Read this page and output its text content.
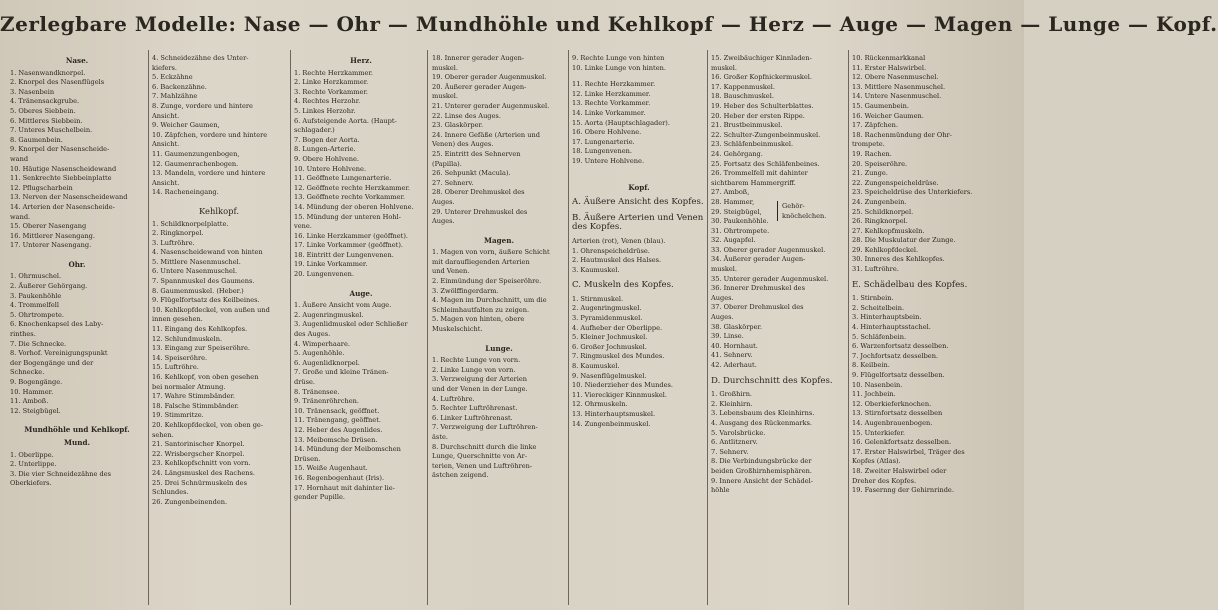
Zerlegbare Modelle: Nase — Ohr — Mundhöhle und Kehlkopf — Herz — Auge — Magen — Lunge — Kopf.
Nase.
1. Nasenwandknorpel.
2. Knorpel des Nasenflügels
3. Nasenbein
4. Tränensackgrube.
5. Oberes Siebbein.
6. Mittleres Siebbein.
7. Unteres Muschelbein.
8. Gaumenbein.
9. Knorpel der Nasenscheide-
wand
10. Häutige Nasenscheidewand
11. Senkrechte Siebbeinplatte
12. Pflugscharbein
13. Nerven der Nasenscheidewand
14. Arterien der Nasenscheide-
wand.
15. Oberer Nasengang
16. Mittlerer Nasengang.
17. Unterer Nasengang.
Ohr.
1. Ohrmuschel.
2. Äußerer Gehörgang.
3. Paukenhöhle
4. Trommelfell
5. Ohrtrompete.
6. Knochenkapsel des Laby-
rinthes.
7. Die Schnecke.
8. Vorhof. Vereinigungspunkt
der Bogengänge und der
Schnecke.
9. Bogengänge.
10. Hammer.
11. Amboß.
12. Steigbügel.
Mundhöhle und Kehlkopf.
Mund.
1. Oberlippe.
2. Unterlippe.
3. Die vier Schneidezähne des
Oberkiefers.
4. Schneidezähne des Unter-
kiefers.
5. Eckzähne
6. Backenzähne.
7. Mahlzähne
8. Zunge, vordere und hintere
Ansicht.
9. Weicher Gaumen,
10. Zäpfchen, vordere und hintere
Ansicht.
11. Gaumenzungenbogen,
12. Gaumenrachenbogen.
13. Mandeln, vordere und hintere
Ansicht.
14. Racheneingang.
Kehlkopf.
1. Schildknorpelplatte.
2. Ringknorpel.
3. Luftröhre.
4. Nasenscheidewand von hinten
5. Mittlere Nasenmuschel.
6. Untere Nasenmuschel.
7. Spannmuskel des Gaumens.
8. Gaumenmuskel. (Heber.)
9. Flügelfortsatz des Keilbeines.
10. Kehlkopfdeckel, von außen und
innen gesehen.
11. Eingang des Kehlkopfes.
12. Schlundmuskeln.
13. Eingang zur Speiseröhre.
14. Speiseröhre.
15. Luftröhre.
16. Kehlkopf, von oben gesehen
bei normaler Atmung.
17. Wahre Stimmbänder.
18. Falsche Stimmbänder.
19. Stimmritze.
20. Kehlkopfdeckel, von oben ge-
sehen.
21. Santorinischer Knorpel.
22. Wrisbergscher Knorpel.
23. Kehlkopfschnitt von vorn.
24. Längsmuskel des Rachens.
25. Drei Schnürmuskeln des
Schlundes.
26. Zungenbeinenden.
Herz.
1. Rechte Herzkammer.
2. Linke Herzkammer.
3. Rechte Vorkammer.
4. Rechtes Herzohr.
5. Linkes Herzohr.
6. Aufsteigende Aorta. (Haupt-
schlagader.)
7. Bogen der Aorta.
8. Lungen-Arterie.
9. Obere Hohlvene.
10. Untere Hohlvene.
11. Geöffnete Lungenarterie.
12. Geöffnete rechte Herzkammer.
13. Geöffnete rechte Vorkammer.
14. Mündung der oberen Hohlvene.
15. Mündung der unteren Hohl-
vene.
16. Linke Herzkammer (geöffnet).
17. Linke Vorkammer (geöffnet).
18. Eintritt der Lungenvenen.
19. Linke Vorkammer.
20. Lungenvenen.
Auge.
1. Äußere Ansicht vom Auge.
2. Augenringmuskel.
3. Augenlidmuskel oder Schließer
des Auges.
4. Wimperhaare.
5. Augenhöhle.
6. Augenlidknorpel.
7. Große und kleine Tränen-
drüse.
8. Tränensee.
9. Tränenröhrchen.
10. Tränensack, geöffnet.
11. Tränengang, geöffnet.
12. Heber des Augenlides.
13. Meibomsche Drüsen.
14. Mündung der Meibomschen
Drüsen.
15. Weiße Augenhaut.
16. Regenbogenhaut (Iris).
17. Hornhaut mit dahinter lie-
gender Pupille.
18. Innerer gerader Augen-
muskel.
19. Oberer gerader Augenmuskel.
20. Äußerer gerader Augen-
muskel.
21. Unterer gerader Augenmuskel.
22. Linse des Auges.
23. Glaskörper.
24. Innere Gefäße (Arterien und
Venen) des Auges.
25. Eintritt des Sehnerven
(Papilla).
26. Sehpunkt (Macula).
27. Sehnerv.
28. Oberer Drehmuskel des
Auges.
29. Unterer Drehmuskel des
Auges.
Magen.
1. Magen von vorn, äußere Schicht
mit daraufliegenden Arterien
und Venen.
2. Einmündung der Speiseröhre.
3. Zwölffingerdarm.
4. Magen im Durchschnitt, um die
Schleimhautfalten zu zeigen.
5. Magen von hinten, obere
Muskelschicht.
Lunge.
1. Rechte Lunge von vorn.
2. Linke Lunge von vorn.
3. Verzweigung der Arterien
und der Venen in der Lunge.
4. Luftröhre.
5. Rechter Luftröhrenast.
6. Linker Luftröhrenast.
7. Verzweigung der Luftröhren-
äste.
8. Durchschnitt durch die linke
Lunge, Querschnitte von Ar-
terien, Venen und Luftröhren-
ästchen zeigend.
9. Rechte Lunge von hinten
10. Linke Lunge von hinten.
11. Rechte Herzkammer.
12. Linke Herzkammer.
13. Rechte Vorkammer.
14. Linke Vorkammer.
15. Aorta (Hauptschlagader).
16. Obere Hohlvene.
17. Lungenarterie.
18. Lungenvenen.
19. Untere Hohlvene.
Kopf.
A. Äußere Ansicht des Kopfes.
B. Äußere Arterien und Venen des Kopfes.
Arterien (rot), Venen (blau).
1. Ohrenspeicheldrüse.
2. Hautmuskel des Halses.
3. Kaumuskel.
C. Muskeln des Kopfes.
1. Stirnmuskel.
2. Augenringmuskel.
3. Pyramidenmuskel.
4. Aufheber der Oberlippe.
5. Kleiner Jochmuskel.
6. Großer Jochmuskel.
7. Ringmuskel des Mundes.
8. Kaumuskel.
9. Nasenflügelmuskel.
10. Niederzieher des Mundes.
11. Viereckiger Kinnmuskel.
12. Ohrmuskeln.
13. Hinterhauptsmuskel.
14. Zungenbeinmuskel.
15. Zweibäuchiger Kinnladen-
muskel.
16. Großer Kopfnickermuskel.
17. Kappenmuskel.
18. Bauschmuskel.
19. Heber des Schulterblattes.
20. Heber der ersten Rippe.
21. Brustbeinmuskel.
22. Schulter-Zungenbeinmuskel.
23. Schläfenbeinmuskel.
24. Gehörgang.
25. Fortsatz des Schläfenbeines.
26. Trommelfell mit dahinter
sichtbarem Hammergriff.
27. Amboß,
28. Hammer,
29. Steigbügel,
30. Paukenhöhle.
31. Ohrtrompete.
32. Augapfel.
33. Oberer gerader Augenmuskel.
34. Äußerer gerader Augen-
muskel.
35. Unterer gerader Augenmuskel.
36. Innerer Drehmuskel des
Auges.
37. Oberer Drehmuskel des
Auges.
38. Glaskörper.
39. Linse.
40. Hornhaut.
41. Sehnerv.
42. Aderhaut.
Gehör-
knöchelchen.
D. Durchschnitt des Kopfes.
1. Großhirn.
2. Kleinhirn.
3. Lebensbaum des Kleinhirns.
4. Ausgang des Rückenmarks.
5. Varolsbrücke.
6. Antlitznerv.
7. Sehnerv.
8. Die Verbindungsbrücke der
beiden Großhirnhemisphären.
9. Innere Ansicht der Schädel-
höhle
10. Rückenmarkkanal
11. Erster Halswirbel.
12. Obere Nasenmuschel.
13. Mittlere Nasenmuschel.
14. Untere Nasenmuschel.
15. Gaumenbein.
16. Weicher Gaumen.
17. Zäpfchen.
18. Rachenmündung der Ohr-
trompete.
19. Rachen.
20. Speiseröhre.
21. Zunge.
22. Zungenspeicheldrüse.
23. Speicheldrüse des Unterkiefers.
24. Zungenbein.
25. Schildknorpel.
26. Ringknorpel.
27. Kehlkopfmuskeln.
28. Die Muskulatur der Zunge.
29. Kehlkopfdeckel.
30. Inneres des Kehlkopfes.
31. Luftröhre.
E. Schädelbau des Kopfes.
1. Stirnbein.
2. Scheitelbein.
3. Hinterhauptsbein.
4. Hinterhauptsstachel.
5. Schläfenbein.
6. Warzenfortsatz desselben.
7. Jochfortsatz desselben.
8. Keilbein.
9. Flügelfortsatz desselben.
10. Nasenbein.
11. Jochbein.
12. Oberkieferknochen.
13. Stirnfortsatz desselben
14. Augenbrauenbogen.
15. Unterkiefer.
16. Gelenkfortsatz desselben.
17. Erster Halswirbel, Träger des
Kopfes (Atlas).
18. Zweiter Halswirbel oder
Dreher des Kopfes.
19. Fasernng der Gehirnrinde.
